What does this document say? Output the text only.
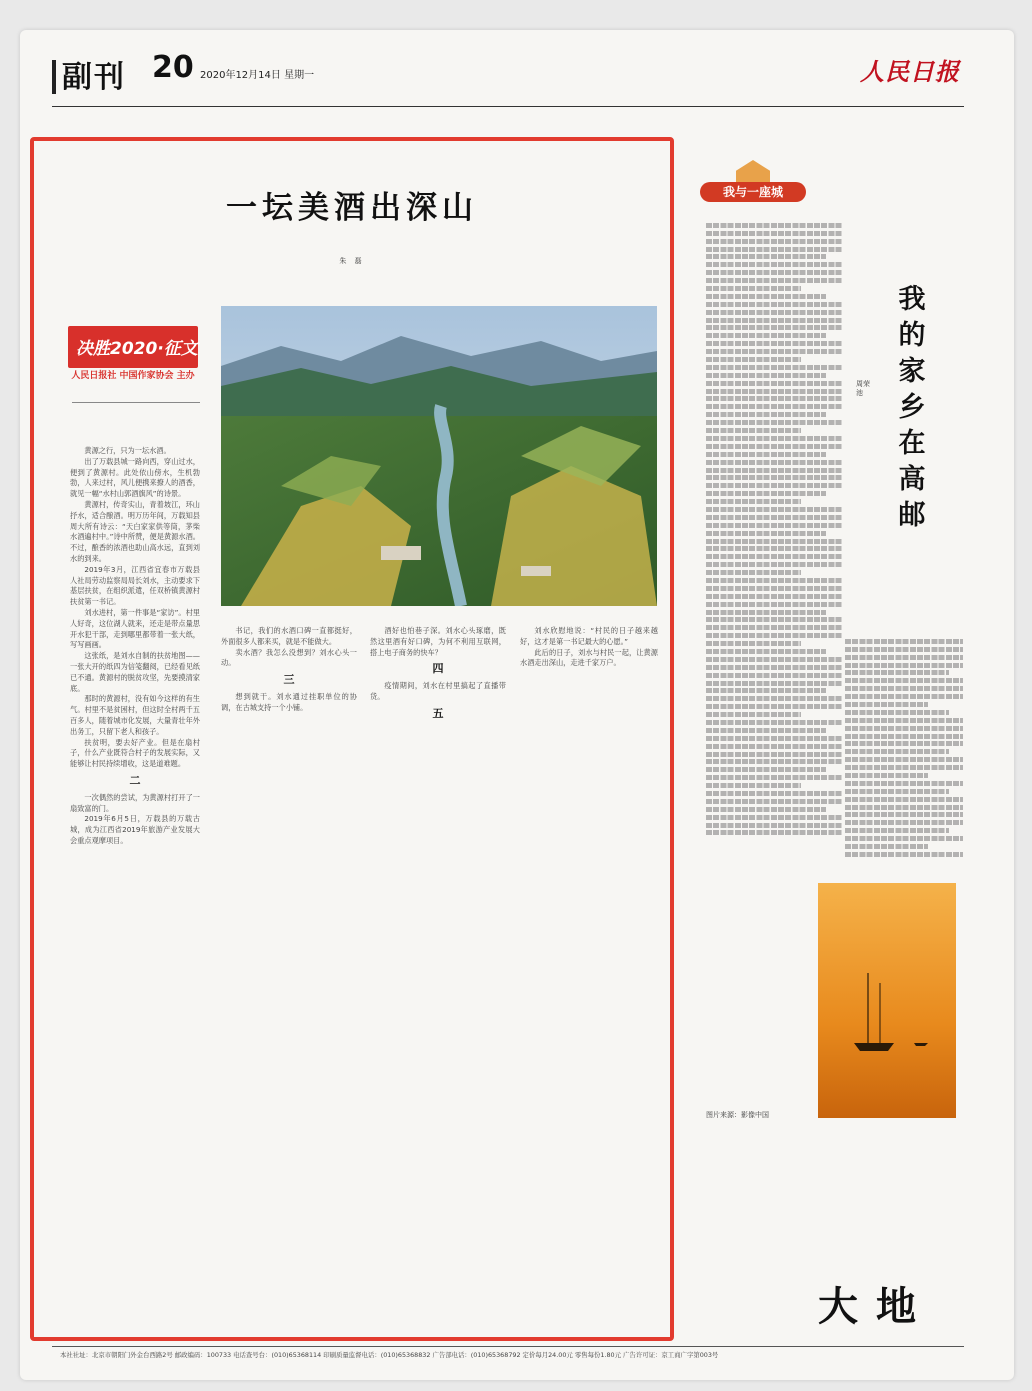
副刊 20 2020年12月14日 星期一	人民日报
一坛美酒出深山
朱 磊
决胜2020·征文
人民日报社 中国作家协会 主办

黄源之行，只为一坛水酒。

出了万载县城一路向西，穿山过水，便到了黄源村。此处依山傍水，生机勃勃，人来过村，风儿便携来撩人的酒香，就见一幅“水村山郭酒旗风”的诗景。

黄源村，传奇实山，青着坡江，环山抒水，适合酿酒。明万历年间，万载知县周大所有诗云：“天白家家供等筒，茅柴水酒遍村中。”诗中所赞，便是黄源水酒。不过，酿香的浓酒也助山高水远，直到刘水的到来。

2019年3月，江西省宜春市万载县人社局劳动监察局局长刘水，主动要求下基层扶贫，在组织派遣，任双桥镇黄源村扶贫第一书记。

刘水进村，第一件事是“家访”。村里人好奇，这位湖人就来，还走是带点量思开水犯干部，走到哪里都带着一张大纸，写写画画。

这张纸，是刘水自制的扶贫地图——一张大开的纸四为信笺翻阅，已经看见纸已不通。黄源村的脱贫攻坚，先要摸清家底。

那时的黄源村，没有如今这样的有生气。村里不是贫困村，但这时全村两千五百多人，随着城市化发展，大量青壮年外出务工，只留下老人和孩子。

扶贫明，要去好产业。但是在扇村子，什么产业既符合村子的发展实际，又能够让村民持续增收，这是道难题。

二

一次偶然的尝试，为黄源村打开了一扇致富的门。

2019年6月5日，万载县的万载古城，成为江西省2019年旅游产业发展大会重点观摩项目。

书记，我们的水酒口碑一直都挺好，外面很多人都来买，就是不能做大。

卖水酒？我怎么没想到？刘水心头一动。

三

想到就干。刘水通过挂职单位的协调，在古城支持一个小铺。

酒好也怕巷子深。刘水心头琢磨，既然这里酒有好口碑，为何不利用互联网，搭上电子商务的快车？

四

疫情期间，刘水在村里搞起了直播带货。

五

刘水欣慰地说：“村民的日子越来越好，这才是第一书记最大的心愿。”

此后的日子，刘水与村民一起，让黄源水酒走出深山，走进千家万户。

我与一座城
我的家乡在高邮
周荣池
图片来源：影像中国
大地
本社社址：北京市朝阳门外金台西路2号 邮政编码：100733 电话查号台：(010)65368114 印刷质量监督电话：(010)65368832 广告部电话：(010)65368792 定价每月24.00元 零售每份1.80元 广告许可证：京工商广字第003号
